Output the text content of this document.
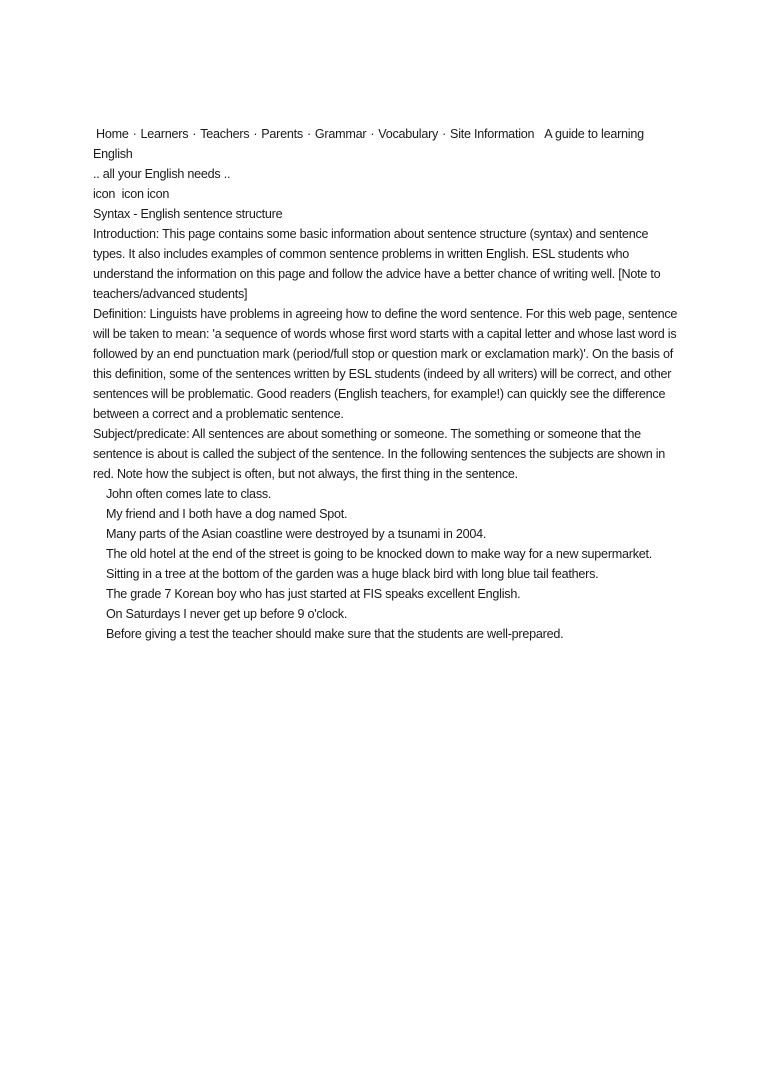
Home · Learners · Teachers · Parents · Grammar · Vocabulary · Site Information A guide to learning English

.. all your English needs ..

icon icon icon

Syntax - English sentence structure

Introduction: This page contains some basic information about sentence structure (syntax) and sentence types. It also includes examples of common sentence problems in written English. ESL students who understand the information on this page and follow the advice have a better chance of writing well. [Note to teachers/advanced students]

Definition: Linguists have problems in agreeing how to define the word sentence. For this web page, sentence will be taken to mean: 'a sequence of words whose first word starts with a capital letter and whose last word is followed by an end punctuation mark (period/full stop or question mark or exclamation mark)'. On the basis of this definition, some of the sentences written by ESL students (indeed by all writers) will be correct, and other sentences will be problematic. Good readers (English teachers, for example!) can quickly see the difference between a correct and a problematic sentence.

Subject/predicate: All sentences are about something or someone. The something or someone that the sentence is about is called the subject of the sentence. In the following sentences the subjects are shown in red. Note how the subject is often, but not always, the first thing in the sentence.

John often comes late to class.

My friend and I both have a dog named Spot.

Many parts of the Asian coastline were destroyed by a tsunami in 2004.

The old hotel at the end of the street is going to be knocked down to make way for a new supermarket.

Sitting in a tree at the bottom of the garden was a huge black bird with long blue tail feathers.

The grade 7 Korean boy who has just started at FIS speaks excellent English.

On Saturdays I never get up before 9 o'clock.

Before giving a test the teacher should make sure that the students are well-prepared.
